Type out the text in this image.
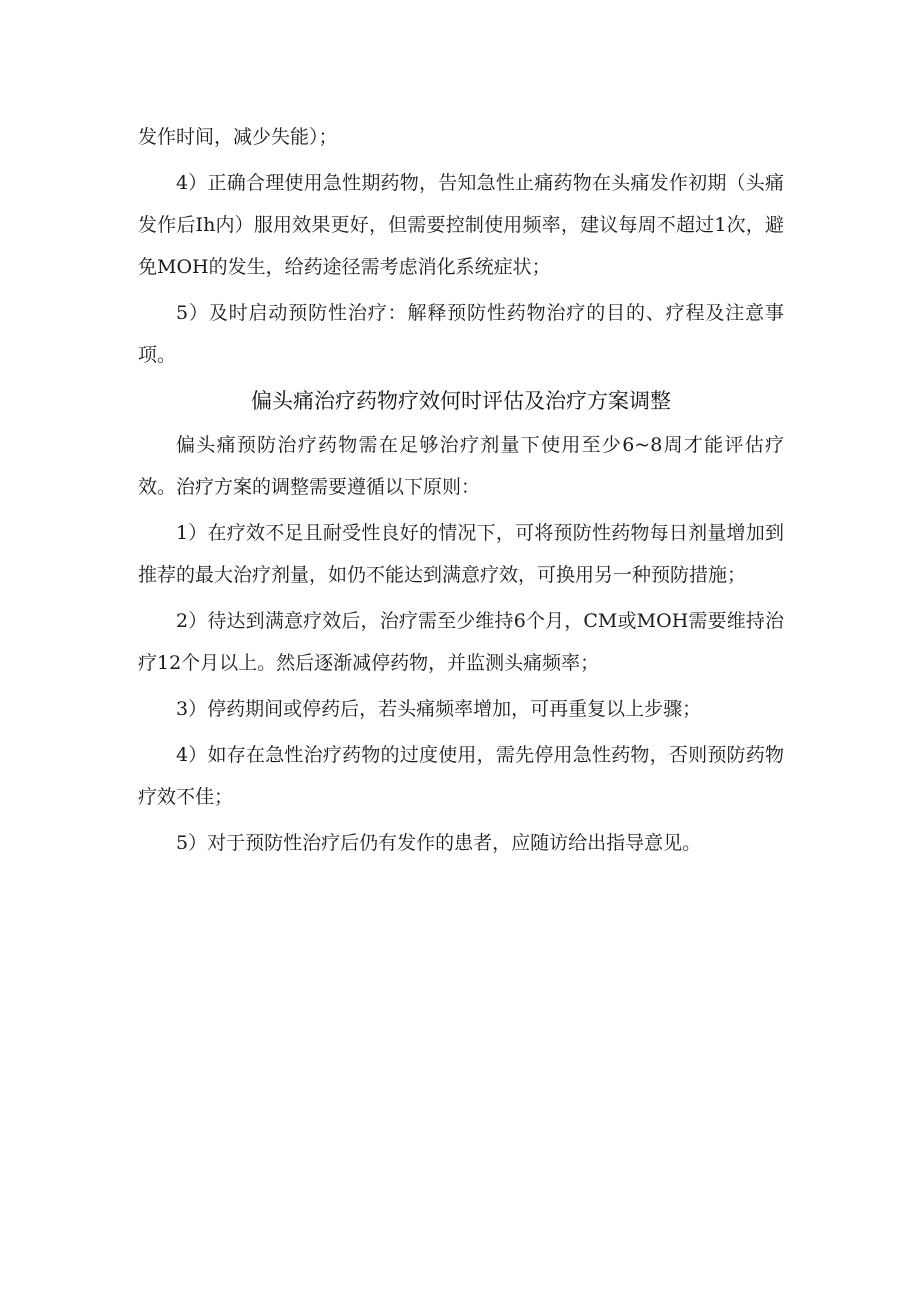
发作时间，减少失能）；

4）正确合理使用急性期药物，告知急性止痛药物在头痛发作初期（头痛发作后Ih内）服用效果更好，但需要控制使用频率，建议每周不超过1次，避免MOH的发生，给药途径需考虑消化系统症状；

5）及时启动预防性治疗：解释预防性药物治疗的目的、疗程及注意事项。

偏头痛治疗药物疗效何时评估及治疗方案调整

偏头痛预防治疗药物需在足够治疗剂量下使用至少6~8周才能评估疗效。治疗方案的调整需要遵循以下原则：

1）在疗效不足且耐受性良好的情况下，可将预防性药物每日剂量增加到推荐的最大治疗剂量，如仍不能达到满意疗效，可换用另一种预防措施；

2）待达到满意疗效后，治疗需至少维持6个月，CM或MOH需要维持治疗12个月以上。然后逐渐减停药物，并监测头痛频率；

3）停药期间或停药后，若头痛频率增加，可再重复以上步骤；

4）如存在急性治疗药物的过度使用，需先停用急性药物，否则预防药物疗效不佳；

5）对于预防性治疗后仍有发作的患者，应随访给出指导意见。
